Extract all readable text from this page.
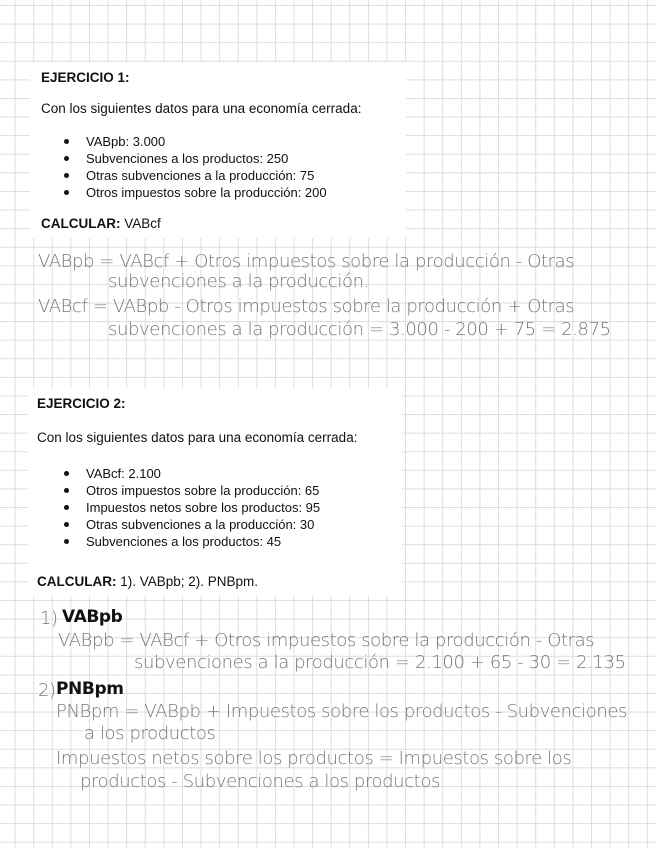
EJERCICIO 1:
Con los siguientes datos para una economía cerrada:
VABpb: 3.000
Subvenciones a los productos: 250
Otras subvenciones a la producción: 75
Otros impuestos sobre la producción: 200
CALCULAR: VABcf
VABpb = VABcf + Otros impuestos sobre la producción - Otras
subvenciones a la producción.
VABcf = VABpb - Otros impuestos sobre la producción + Otras
subvenciones a la producción = 3.000 - 200 + 75 = 2.875
EJERCICIO 2:
Con los siguientes datos para una economía cerrada:
VABcf: 2.100
Otros impuestos sobre la producción: 65
Impuestos netos sobre los productos: 95
Otras subvenciones a la producción: 30
Subvenciones a los productos: 45
CALCULAR: 1). VABpb; 2). PNBpm.
1) VABpb
VABpb = VABcf + Otros impuestos sobre la producción - Otras
subvenciones a la producción = 2.100 + 65 - 30 = 2.135
2) PNBpm
PNBpm = VABpb + Impuestos sobre los productos - Subvenciones
a los productos
Impuestos netos sobre los productos = Impuestos sobre los
productos - Subvenciones a los productos
